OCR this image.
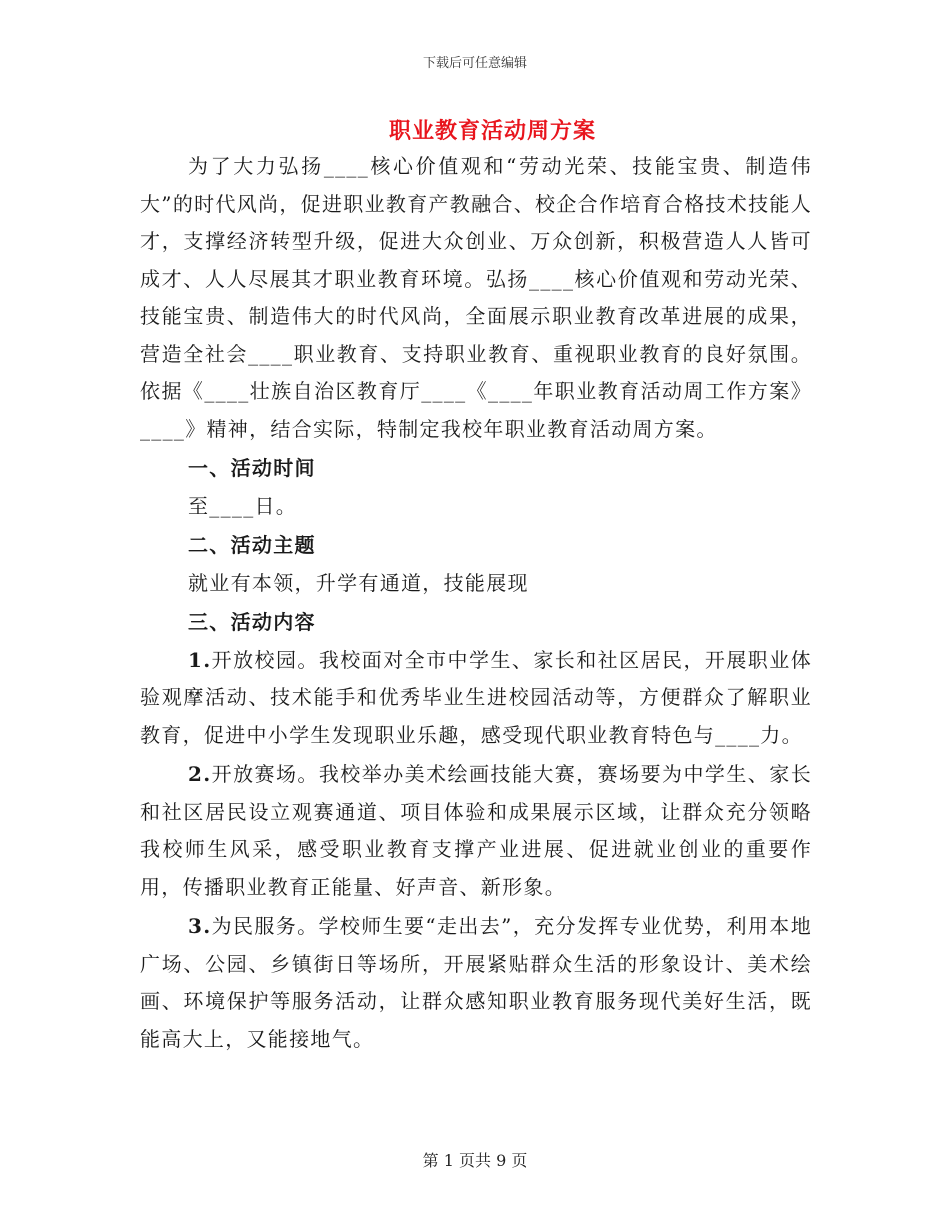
下载后可任意编辑
职业教育活动周方案

为了大力弘扬____核心价值观和“劳动光荣、技能宝贵、制造伟大”的时代风尚，促进职业教育产教融合、校企合作培育合格技术技能人才，支撑经济转型升级，促进大众创业、万众创新，积极营造人人皆可成才、人人尽展其才职业教育环境。弘扬____核心价值观和劳动光荣、技能宝贵、制造伟大的时代风尚，全面展示职业教育改革进展的成果，营造全社会____职业教育、支持职业教育、重视职业教育的良好氛围。依据《____壮族自治区教育厅____《____年职业教育活动周工作方案》____》精神，结合实际，特制定我校年职业教育活动周方案。

一、活动时间

至____日。

二、活动主题

就业有本领，升学有通道，技能展现

三、活动内容

1.开放校园。我校面对全市中学生、家长和社区居民，开展职业体验观摩活动、技术能手和优秀毕业生进校园活动等，方便群众了解职业教育，促进中小学生发现职业乐趣，感受现代职业教育特色与____力。

2.开放赛场。我校举办美术绘画技能大赛，赛场要为中学生、家长和社区居民设立观赛通道、项目体验和成果展示区域，让群众充分领略我校师生风采，感受职业教育支撑产业进展、促进就业创业的重要作用，传播职业教育正能量、好声音、新形象。

3.为民服务。学校师生要“走出去”，充分发挥专业优势，利用本地广场、公园、乡镇街日等场所，开展紧贴群众生活的形象设计、美术绘画、环境保护等服务活动，让群众感知职业教育服务现代美好生活，既能高大上，又能接地气。

第 1 页共 9 页
